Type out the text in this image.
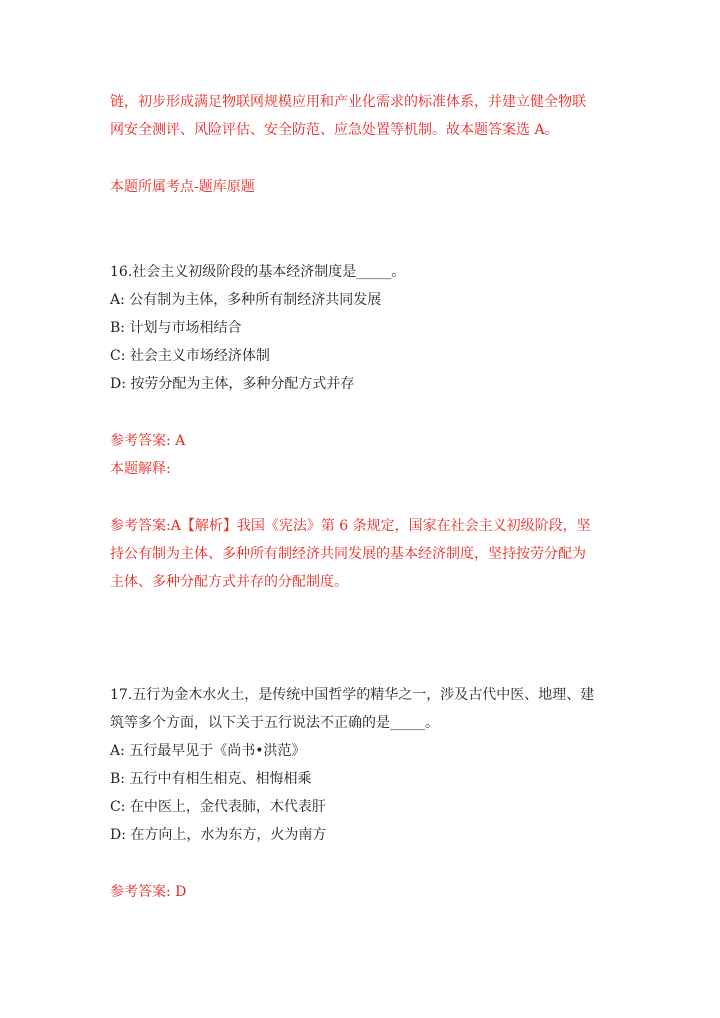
链，初步形成满足物联网规模应用和产业化需求的标准体系，并建立健全物联
网安全测评、风险评估、安全防范、应急处置等机制。故本题答案选 A。
本题所属考点-题库原题
16.社会主义初级阶段的基本经济制度是_____。
A: 公有制为主体，多种所有制经济共同发展
B: 计划与市场相结合
C: 社会主义市场经济体制
D: 按劳分配为主体，多种分配方式并存
参考答案: A
本题解释:
参考答案:A【解析】我国《宪法》第 6 条规定，国家在社会主义初级阶段，坚
持公有制为主体、多种所有制经济共同发展的基本经济制度，坚持按劳分配为
主体、多种分配方式并存的分配制度。
17.五行为金木水火土，是传统中国哲学的精华之一，涉及古代中医、地理、建
筑等多个方面，以下关于五行说法不正确的是_____。
A: 五行最早见于《尚书•洪范》
B: 五行中有相生相克、相悔相乘
C: 在中医上，金代表肺，木代表肝
D: 在方向上，水为东方，火为南方
参考答案: D
